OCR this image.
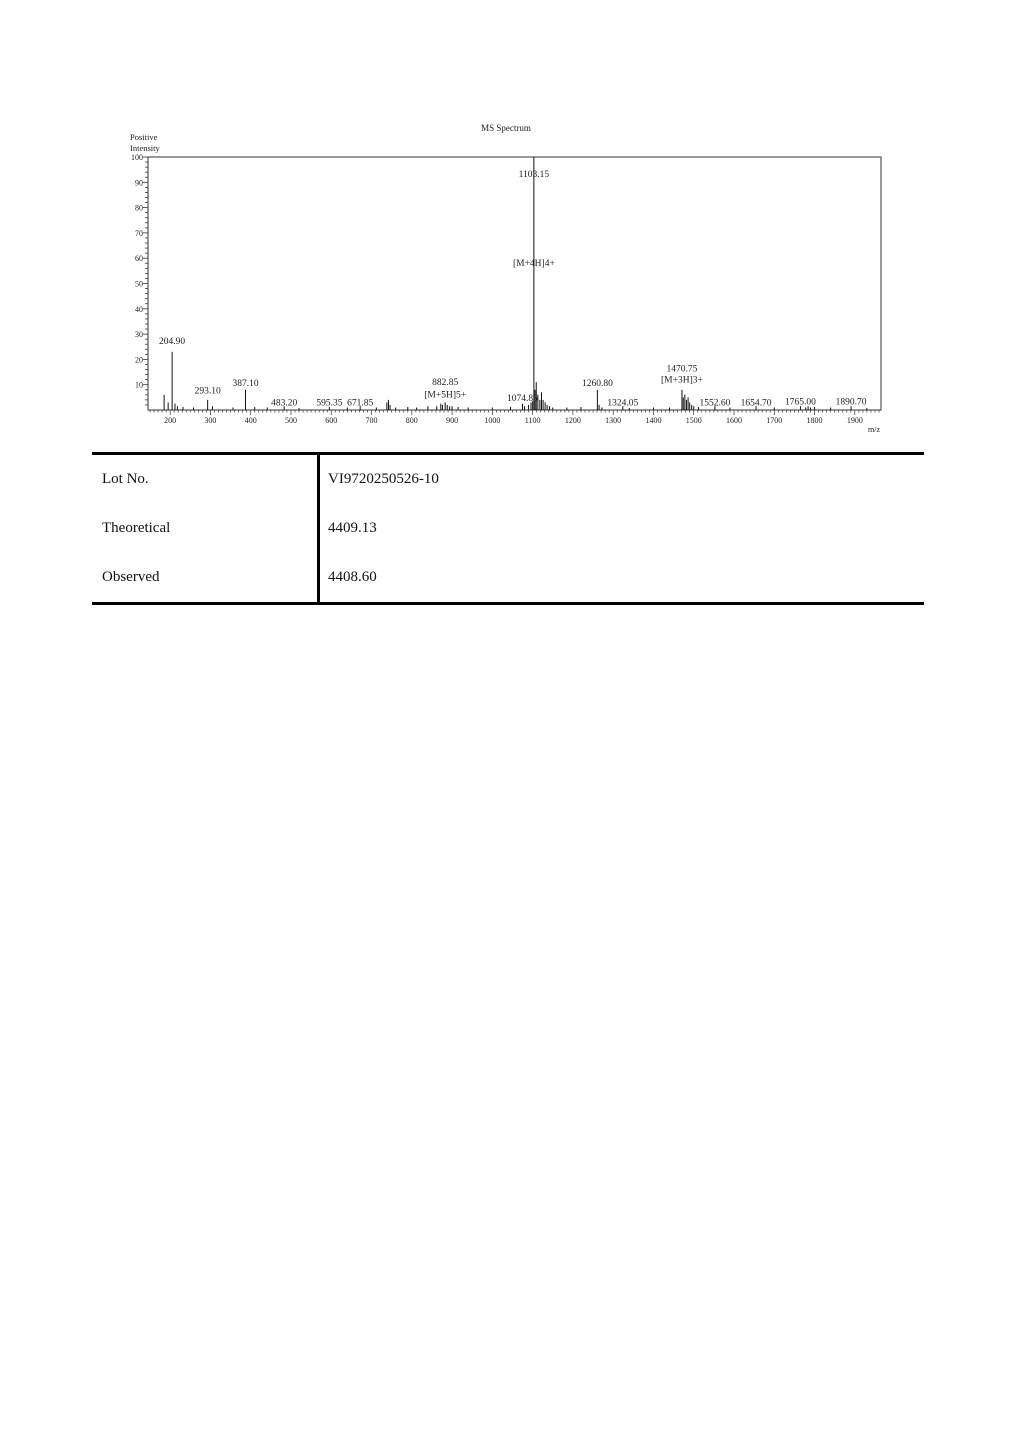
MS Spectrum
Positive Intensity
m/z
10
20
30
40
50
60
70
80
90
100
200	300	400	500	600	700	800	900	1000	1100	1200	1300	1400	1500	1600	1700	1800	1900
204.90
293.10
387.10
483.20 595.35 671.85
882.85
[M+5H]5+	1074.85
1103.15
[M+4H]4+
1260.80
1324.05
1470.75
[M+3H]3+
1552.60 1654.70 1765.00 1890.70
Lot No.	VI9720250526-10
Theoretical	4409.13
Observed	4408.60
